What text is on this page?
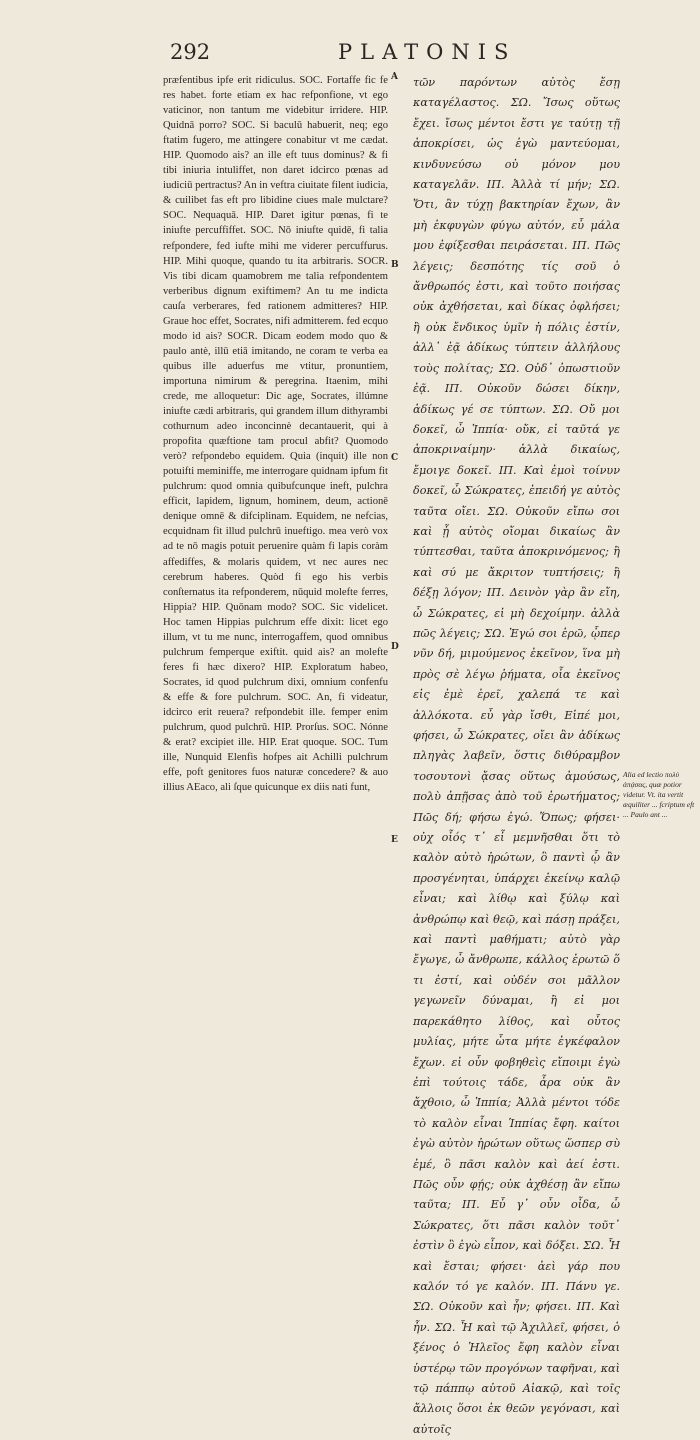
292	PLATONIS

præfentibus ipfe erit ridiculus. SOC. Fortaffe fic fe res habet. forte etiam ex hac refponfione, vt ego vaticinor, non tantum me videbitur irridere. HIP. Quidnā porro? SOC. Si baculū habuerit, neq; ego ftatim fugero, me attingere conabitur vt me cædat. HIP. Quomodo ais? an ille eft tuus dominus? & fi tibi iniuria intuliffet, non daret idcirco pœnas ad iudiciū pertractus? An in veftra ciuitate filent iudicia, & cuilibet fas eft pro libidine ciues male mulctare? SOC. Nequaquā. HIP. Daret igitur pœnas, fi te iniufte percuffiffet. SOC. Nō iniufte quidē, fi talia refpondere, fed iufte mihi me viderer percuffurus. HIP. Mihi quoque, quando tu ita arbitraris. SOCR. Vis tibi dicam quamobrem me talia refpondentem verberibus dignum exiftimem? An tu me indicta cauſa verberares, fed rationem admitteres? HIP. Graue hoc effet, Socrates, nifi admitterem. fed ecquo modo id ais? SOCR. Dicam eodem modo quo & paulo antè, illū etiā imitando, ne coram te verba ea quibus ille aduerfus me vtitur, pronuntiem, importuna nimirum & peregrina. Itaenim, mihi crede, me alloquetur: Dic age, Socrates, illúmne iniufte cædi arbitraris, qui grandem illum dithyrambi cothurnum adeo inconcinnè decantauerit, qui à propofita quæftione tam procul abfit? Quomodo verò? refpondebo equidem. Quia (inquit) ille non potuifti meminiffe, me interrogare quidnam ipfum fit pulchrum: quod omnia quibufcunque ineft, pulchra efficit, lapidem, lignum, hominem, deum, actionē denique omnē & difciplinam. Equidem, ne nefcias, ecquidnam fit illud pulchrū inueftigo. mea verò vox ad te nō magis potuit peruenire quàm fi lapis coràm affediffes, & molaris quidem, vt nec aures nec cerebrum haberes. Quòd fi ego his verbis conſternatus ita refponderem, nūquid molefte ferres, Hippia? HIP. Quōnam modo? SOC. Sic videlicet. Hoc tamen Hippias pulchrum effe dixit: licet ego illum, vt tu me nunc, interrogaffem, quod omnibus pulchrum femperque exiftit. quid ais? an molefte feres fi hæc dixero? HIP. Exploratum habeo, Socrates, id quod pulchrum dixi, omnium confenfu & effe & fore pulchrum. SOC. An, fi videatur, idcirco erit reuera? refpondebit ille. femper enim pulchrum, quod pulchrū. HIP. Prorſus. SOC. Nónne & erat? excipiet ille. HIP. Erat quoque. SOC. Tum ille, Nunquid Elenfis hofpes ait Achilli pulchrum effe, poft genitores fuos naturæ concedere? & auo illius AEaco, ali ſque quicunque ex diis nati funt,

A
B
C
D
E

τῶν παρόντων αὐτὸς ἔσῃ καταγέλαστος. ΣΩ. Ἴσως οὕτως ἔχει. ἴσως μέντοι ἔστι γε ταύτῃ τῇ ἀποκρίσει, ὡς ἐγὼ μαντεύομαι, κινδυνεύσω οὐ μόνον μου καταγελᾶν. ΙΠ. Ἀλλὰ τί μήν; ΣΩ. Ὅτι, ἂν τύχῃ βακτηρίαν ἔχων, ἂν μὴ ἐκφυγὼν φύγω αὐτόν, εὖ μάλα μου ἐφίξεσθαι πειράσεται. ΙΠ. Πῶς λέγεις; δεσπότης τίς σοῦ ὁ ἄνθρωπός ἐστι, καὶ τοῦτο ποιήσας οὐκ ἀχθήσεται, καὶ δίκας ὀφλήσει; ἢ οὐκ ἔνδικος ὑμῖν ἡ πόλις ἐστίν, ἀλλ᾽ ἐᾷ ἀδίκως τύπτειν ἀλλήλους τοὺς πολίτας; ΣΩ. Οὐδ᾽ ὁπωστιοῦν ἐᾷ. ΙΠ. Οὐκοῦν δώσει δίκην, ἀδίκως γέ σε τύπτων. ΣΩ. Οὔ μοι δοκεῖ, ὦ Ἱππία· οὔκ, εἰ ταῦτά γε ἀποκριναίμην· ἀλλὰ δικαίως, ἔμοιγε δοκεῖ. ΙΠ. Καὶ ἐμοὶ τοίνυν δοκεῖ, ὦ Σώκρατες, ἐπειδή γε αὐτὸς ταῦτα οἴει. ΣΩ. Οὐκοῦν εἴπω σοι καὶ ᾗ αὐτὸς οἴομαι δικαίως ἂν τύπτεσθαι, ταῦτα ἀποκρινόμενος; ἢ καὶ σύ με ἄκριτον τυπτήσεις; ἢ δέξῃ λόγον; ΙΠ. Δεινὸν γὰρ ἂν εἴη, ὦ Σώκρατες, εἰ μὴ δεχοίμην. ἀλλὰ πῶς λέγεις; ΣΩ. Ἐγώ σοι ἐρῶ, ᾧπερ νῦν δή, μιμούμενος ἐκεῖνον, ἵνα μὴ πρὸς σὲ λέγω ῥήματα, οἷα ἐκεῖνος εἰς ἐμὲ ἐρεῖ, χαλεπά τε καὶ ἀλλόκοτα. εὖ γὰρ ἴσθι, Εἰπέ μοι, φήσει, ὦ Σώκρατες, οἴει ἂν ἀδίκως πληγὰς λαβεῖν, ὅστις διθύραμβον τοσουτονὶ ᾄσας οὕτως ἀμούσως, πολὺ ἀπῇσας ἀπὸ τοῦ ἐρωτήματος; Πῶς δή; φήσω ἐγώ. Ὅπως; φήσει· οὐχ οἷός τ᾽ εἶ μεμνῆσθαι ὅτι τὸ καλὸν αὐτὸ ἠρώτων, ὃ παντὶ ᾧ ἂν προσγένηται, ὑπάρχει ἐκείνῳ καλῷ εἶναι; καὶ λίθῳ καὶ ξύλῳ καὶ ἀνθρώπῳ καὶ θεῷ, καὶ πάσῃ πράξει, καὶ παντὶ μαθήματι; αὐτὸ γὰρ ἔγωγε, ὦ ἄνθρωπε, κάλλος ἐρωτῶ ὅ τι ἐστί, καὶ οὐδέν σοι μᾶλλον γεγωνεῖν δύναμαι, ἢ εἰ μοι παρεκάθητο λίθος, καὶ οὗτος μυλίας, μήτε ὦτα μήτε ἐγκέφαλον ἔχων. εἰ οὖν φοβηθεὶς εἴποιμι ἐγὼ ἐπὶ τούτοις τάδε, ἆρα οὐκ ἂν ἄχθοιο, ὦ Ἱππία; Ἀλλὰ μέντοι τόδε τὸ καλὸν εἶναι Ἱππίας ἔφη. καίτοι ἐγὼ αὐτὸν ἠρώτων οὕτως ὥσπερ σὺ ἐμέ, ὃ πᾶσι καλὸν καὶ ἀεί ἐστι. Πῶς οὖν φῄς; οὐκ ἀχθέσῃ ἂν εἴπω ταῦτα; ΙΠ. Εὖ γ᾽ οὖν οἶδα, ὦ Σώκρατες, ὅτι πᾶσι καλὸν τοῦτ᾽ ἐστὶν ὃ ἐγὼ εἶπον, καὶ δόξει. ΣΩ. Ἦ καὶ ἔσται; φήσει· ἀεὶ γάρ που καλόν τό γε καλόν. ΙΠ. Πάνυ γε. ΣΩ. Οὐκοῦν καὶ ἦν; φήσει. ΙΠ. Καὶ ἦν. ΣΩ. Ἦ καὶ τῷ Ἀχιλλεῖ, φήσει, ὁ ξένος ὁ Ἠλεῖος ἔφη καλὸν εἶναι ὑστέρῳ τῶν προγόνων ταφῆναι, καὶ τῷ πάππῳ αὐτοῦ Αἰακῷ, καὶ τοῖς ἄλλοις ὅσοι ἐκ θεῶν γεγόνασι, καὶ αὐτοῖς

Alia ed lectio πολύ ἀπᾴσας, quæ potior videtur. Vt. ita vertit æquiliter ... fcriptum eft ... Paulo ant ...
